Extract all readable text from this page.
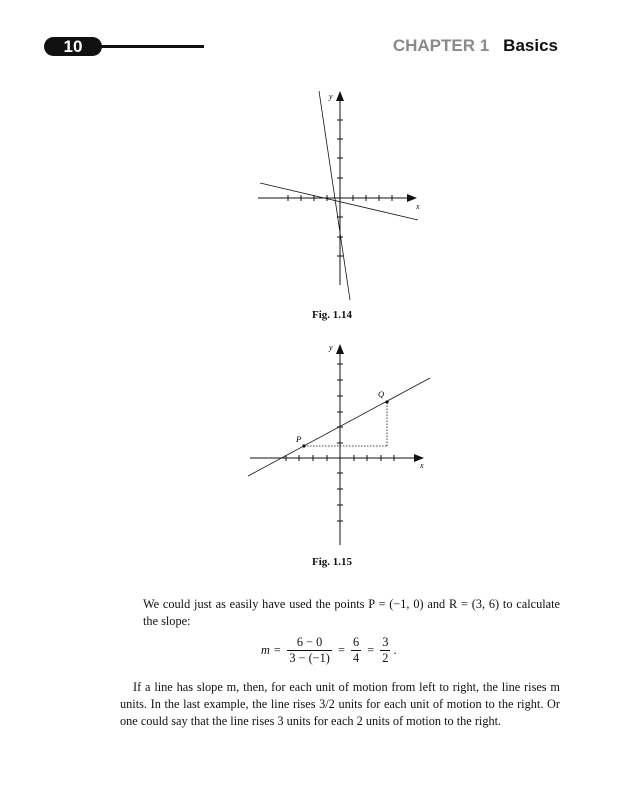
10	CHAPTER 1 Basics
y
x
Fig. 1.14
P
Q
y
x
Fig. 1.15
We could just as easily have used the points P = (−1, 0) and R = (3, 6) to calculate the slope:
$m = \frac{6 - 0}{3 - (-1)} = \frac{6}{4} = \frac{3}{2}$ .
If a line has slope m, then, for each unit of motion from left to right, the line rises m units. In the last example, the line rises 3/2 units for each unit of motion to the right. Or one could say that the line rises 3 units for each 2 units of motion to the right.
